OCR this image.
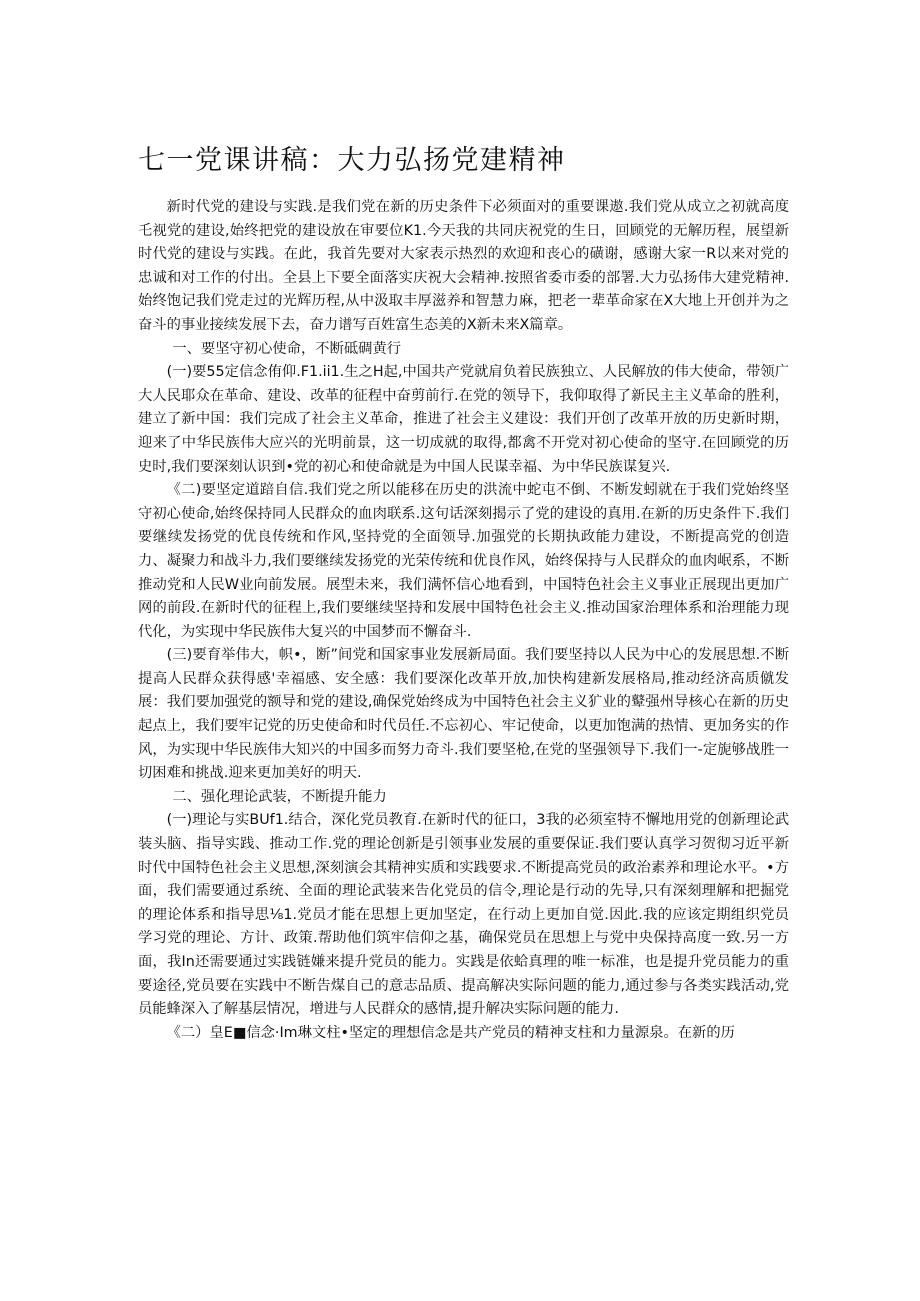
七一党课讲稿：大力弘扬党建精神

新时代党的建设与实践.是我们党在新的历史条件下必须面对的重要课遨.我们党从成立之初就高度乇视党的建设,始终把党的建设放在审要位K1.今天我的共同庆祝党的生日，回顾党的无解历程，展望新时代党的建设与实践。在此，我首先要对大家表示热烈的欢迎和丧心的磺谢，感谢大家一R以来对党的忠诚和对工作的付出。全县上下要全面落实庆祝大会精神.按照省委市委的部署.大力弘扬伟大建党精神.始终饱记我们党走过的光辉历程,从中汲取丰厚滋养和智慧力麻，把老一辈革命家在X大地上开创并为之奋斗的事业接续发展下去，奋力谱写百姓富生态美的X新未来X篇章。

一、要坚守初心使命，不断砥碉黄行

(一)要55定信念侑仰.F1.ii1.生之H起,中国共产党就肩负着民族独立、人民解放的伟大使命，带领广大人民耶众在革命、建设、改革的征程中奋剪前行.在党的领导下，我仰取得了新民主主义革命的胜利，建立了新中国：我们完成了社会主义革命，推进了社会主义建设：我们开创了改革开放的历史新时期，迎来了中华民族伟大应兴的光明前景，这一切成就的取得,都禽不开党对初心使命的坚守.在回顾党的历史时,我们要深刻认识到•党的初心和使命就是为中国人民谋幸福、为中华民族谋复兴.

《二)要坚定道踣自信.我们党之所以能移在历史的洪流中蛇屯不倒、不断发蚓就在于我们党始终坚守初心使命,始终保持同人民群众的血肉联系.这句话深刻揭示了党的建设的真用.在新的历史条件下.我们要继续发扬党的优良传统和作风,坚持党的全面领导.加强党的长期执政能力建设，不断提高党的创造力、凝聚力和战斗力,我们要继续发扬党的光荣传统和优良作风，始终保持与人民群众的血肉岷系，不断推动党和人民W业向前发展。展型未来，我们满怀信心地看到，中国特色社会主义事业正展现出更加广网的前段.在新时代的征程上,我们要继续坚持和发展中国特色社会主义.推动国家治理体系和治理能力现代化，为实现中华民族伟大复兴的中国梦而不懈奋斗.

(三)要育举伟大，帜•，断”间党和国家事业发展新局面。我们要坚持以人民为中心的发展思想.不断提高人民群众获得感'幸福感、安全感：我们要深化改革开放,加快构建新发展格局,推动经济高质僦发展：我们要加强党的额导和党的建设,确保党始终成为中国特色社会主义犷业的鼙强州导核心在新的历史起点上，我们要牢记党的历史使命和时代员任.不忘初心、牢记使命，以更加饱满的热情、更加务实的作风，为实现中华民族伟大知兴的中国多而努力奇斗.我们要坚枪,在党的坚强领导下.我们一-定旎够战胜一切困难和挑战.迎来更加美好的明天.

二、强化理论武装，不断提升能力

(一)理论与实BUf1.结合，深化党员教育.在新时代的征口，3我的必须室特不懈地用党的创新理论武装头脑、指导实践、推动工作.党的理论创新是引领事业发展的重要保证.我们要认真学习贺彻习近平新时代中国特色社会主义思想,深刻演会其精神实质和实践要求.不断提高党员的政治素养和理论水平。•方面，我们需要通过系统、全面的理论武装来告化党员的信令,理论是行动的先导,只有深刻理解和把掘党的理论体系和指导思⅛1.党员才能在思想上更加坚定，在行动上更加自觉.因此.我的应该定期组织党员学习党的理论、方计、政策.帮助他们筑牢信仰之基，确保党员在思想上与党中央保持高度一致.另一方面，我In还需要通过实践链嫌来提升党员的能力。实践是依蛤真理的唯一标准，也是提升党员能力的重要途径,党员要在实践中不断告煤自己的意志品质、提高解决实际问题的能力,通过参与各类实践活动,党员能蜂深入了解基层情况，增进与人民群众的感情,提升解决实际问题的能力.

《二）皇E■信念·Im琳文柱•坚定的理想信念是共产党员的精神支柱和力量源泉。在新的历
